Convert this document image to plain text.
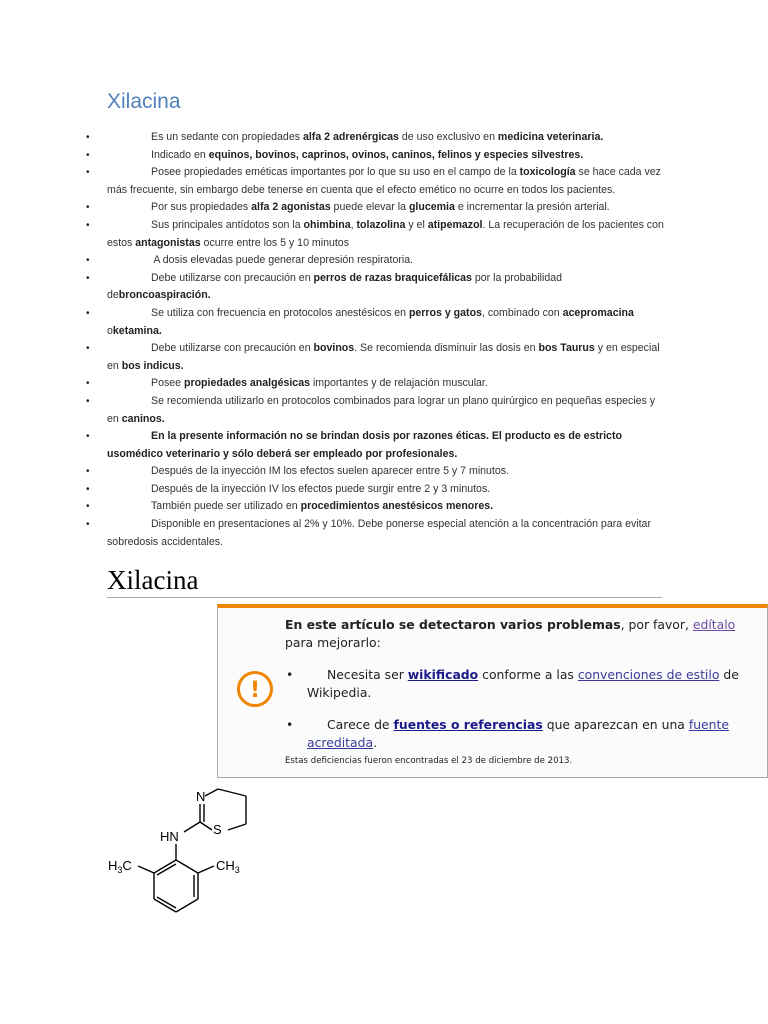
Xilacina
•	Es un sedante con propiedades alfa 2 adrenérgicas de uso exclusivo en medicina veterinaria.
•	Indicado en equinos, bovinos, caprinos, ovinos, caninos, felinos y especies silvestres.
•	Posee propiedades eméticas importantes por lo que su uso en el campo de la toxicología se hace cada vez más frecuente, sin embargo debe tenerse en cuenta que el efecto emético no ocurre en todos los pacientes.
•	Por sus propiedades alfa 2 agonistas puede elevar la glucemia e incrementar la presión arterial.
•	Sus principales antídotos son la ohimbina, tolazolina y el atipemazol. La recuperación de los pacientes con estos antagonistas ocurre entre los 5 y 10 minutos
•	A dosis elevadas puede generar depresión respiratoria.
•	Debe utilizarse con precaución en perros de razas braquicefálicas por la probabilidad debroncoaspiración.
•	Se utiliza con frecuencia en protocolos anestésicos en perros y gatos, combinado con acepromacina oketamina.
•	Debe utilizarse con precaución en bovinos. Se recomienda disminuir las dosis en bos Taurus y en especial en bos indicus.
•	Posee propiedades analgésicas importantes y de relajación muscular.
•	Se recomienda utilizarlo en protocolos combinados para lograr un plano quirúrgico en pequeñas especies y en caninos.
•	En la presente información no se brindan dosis por razones éticas. El producto es de estricto usomédico veterinario y sólo deberá ser empleado por profesionales.
•	Después de la inyección IM los efectos suelen aparecer entre 5 y 7 minutos.
•	Después de la inyección IV los efectos puede surgir entre 2 y 3 minutos.
•	También puede ser utilizado en procedimientos anestésicos menores.
•	Disponible en presentaciones al 2% y 10%. Debe ponerse especial atención a la concentración para evitar sobredosis accidentales.
Xilacina
!

En este artículo se detectaron varios problemas, por favor, edítalo para mejorarlo:

•	Necesita ser wikificado conforme a las convenciones de estilo de Wikipedia.
•	Carece de fuentes o referencias que aparezcan en una fuente acreditada.
Estas deficiencias fueron encontradas el 23 de diciembre de 2013.
N
S
HN
$H_3C$	$CH_3$
